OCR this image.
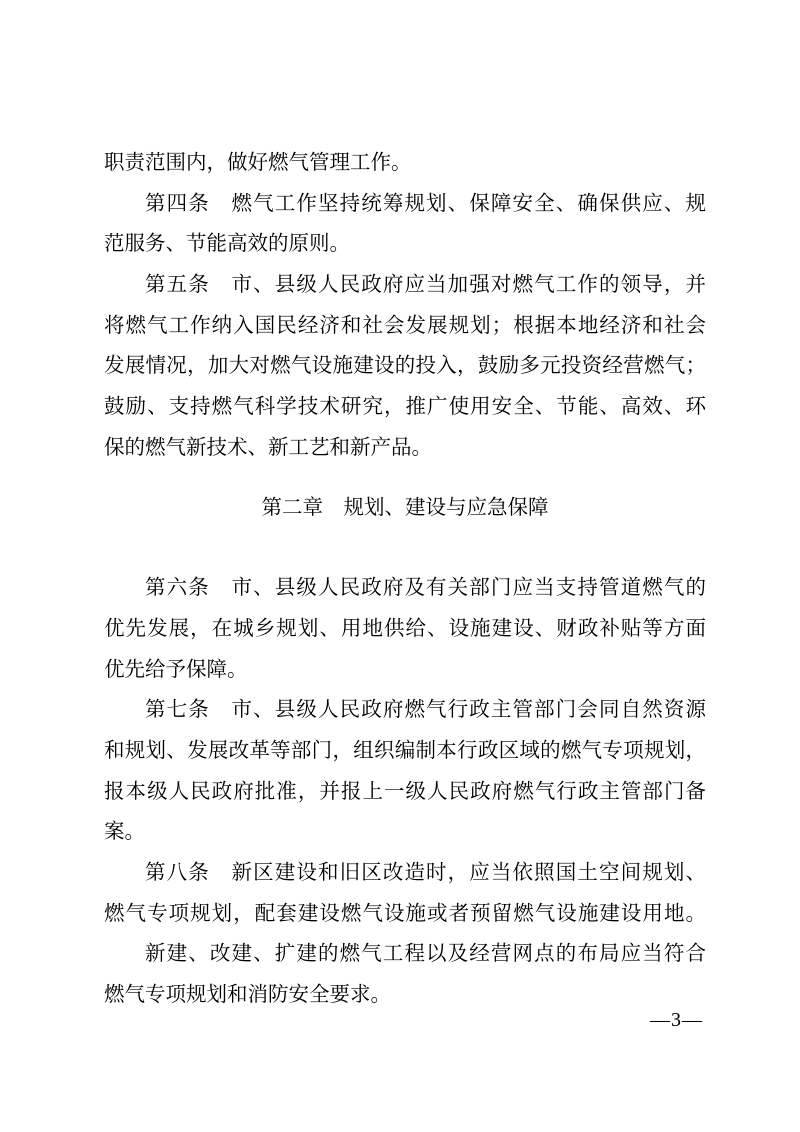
职责范围内，做好燃气管理工作。
第四条　燃气工作坚持统筹规划、保障安全、确保供应、规
范服务、节能高效的原则。
第五条　市、县级人民政府应当加强对燃气工作的领导，并
将燃气工作纳入国民经济和社会发展规划；根据本地经济和社会
发展情况，加大对燃气设施建设的投入，鼓励多元投资经营燃气；
鼓励、支持燃气科学技术研究，推广使用安全、节能、高效、环
保的燃气新技术、新工艺和新产品。
第二章　规划、建设与应急保障
第六条　市、县级人民政府及有关部门应当支持管道燃气的
优先发展，在城乡规划、用地供给、设施建设、财政补贴等方面
优先给予保障。
第七条　市、县级人民政府燃气行政主管部门会同自然资源
和规划、发展改革等部门，组织编制本行政区域的燃气专项规划，
报本级人民政府批准，并报上一级人民政府燃气行政主管部门备
案。
第八条　新区建设和旧区改造时，应当依照国土空间规划、
燃气专项规划，配套建设燃气设施或者预留燃气设施建设用地。
新建、改建、扩建的燃气工程以及经营网点的布局应当符合
燃气专项规划和消防安全要求。
—3—
